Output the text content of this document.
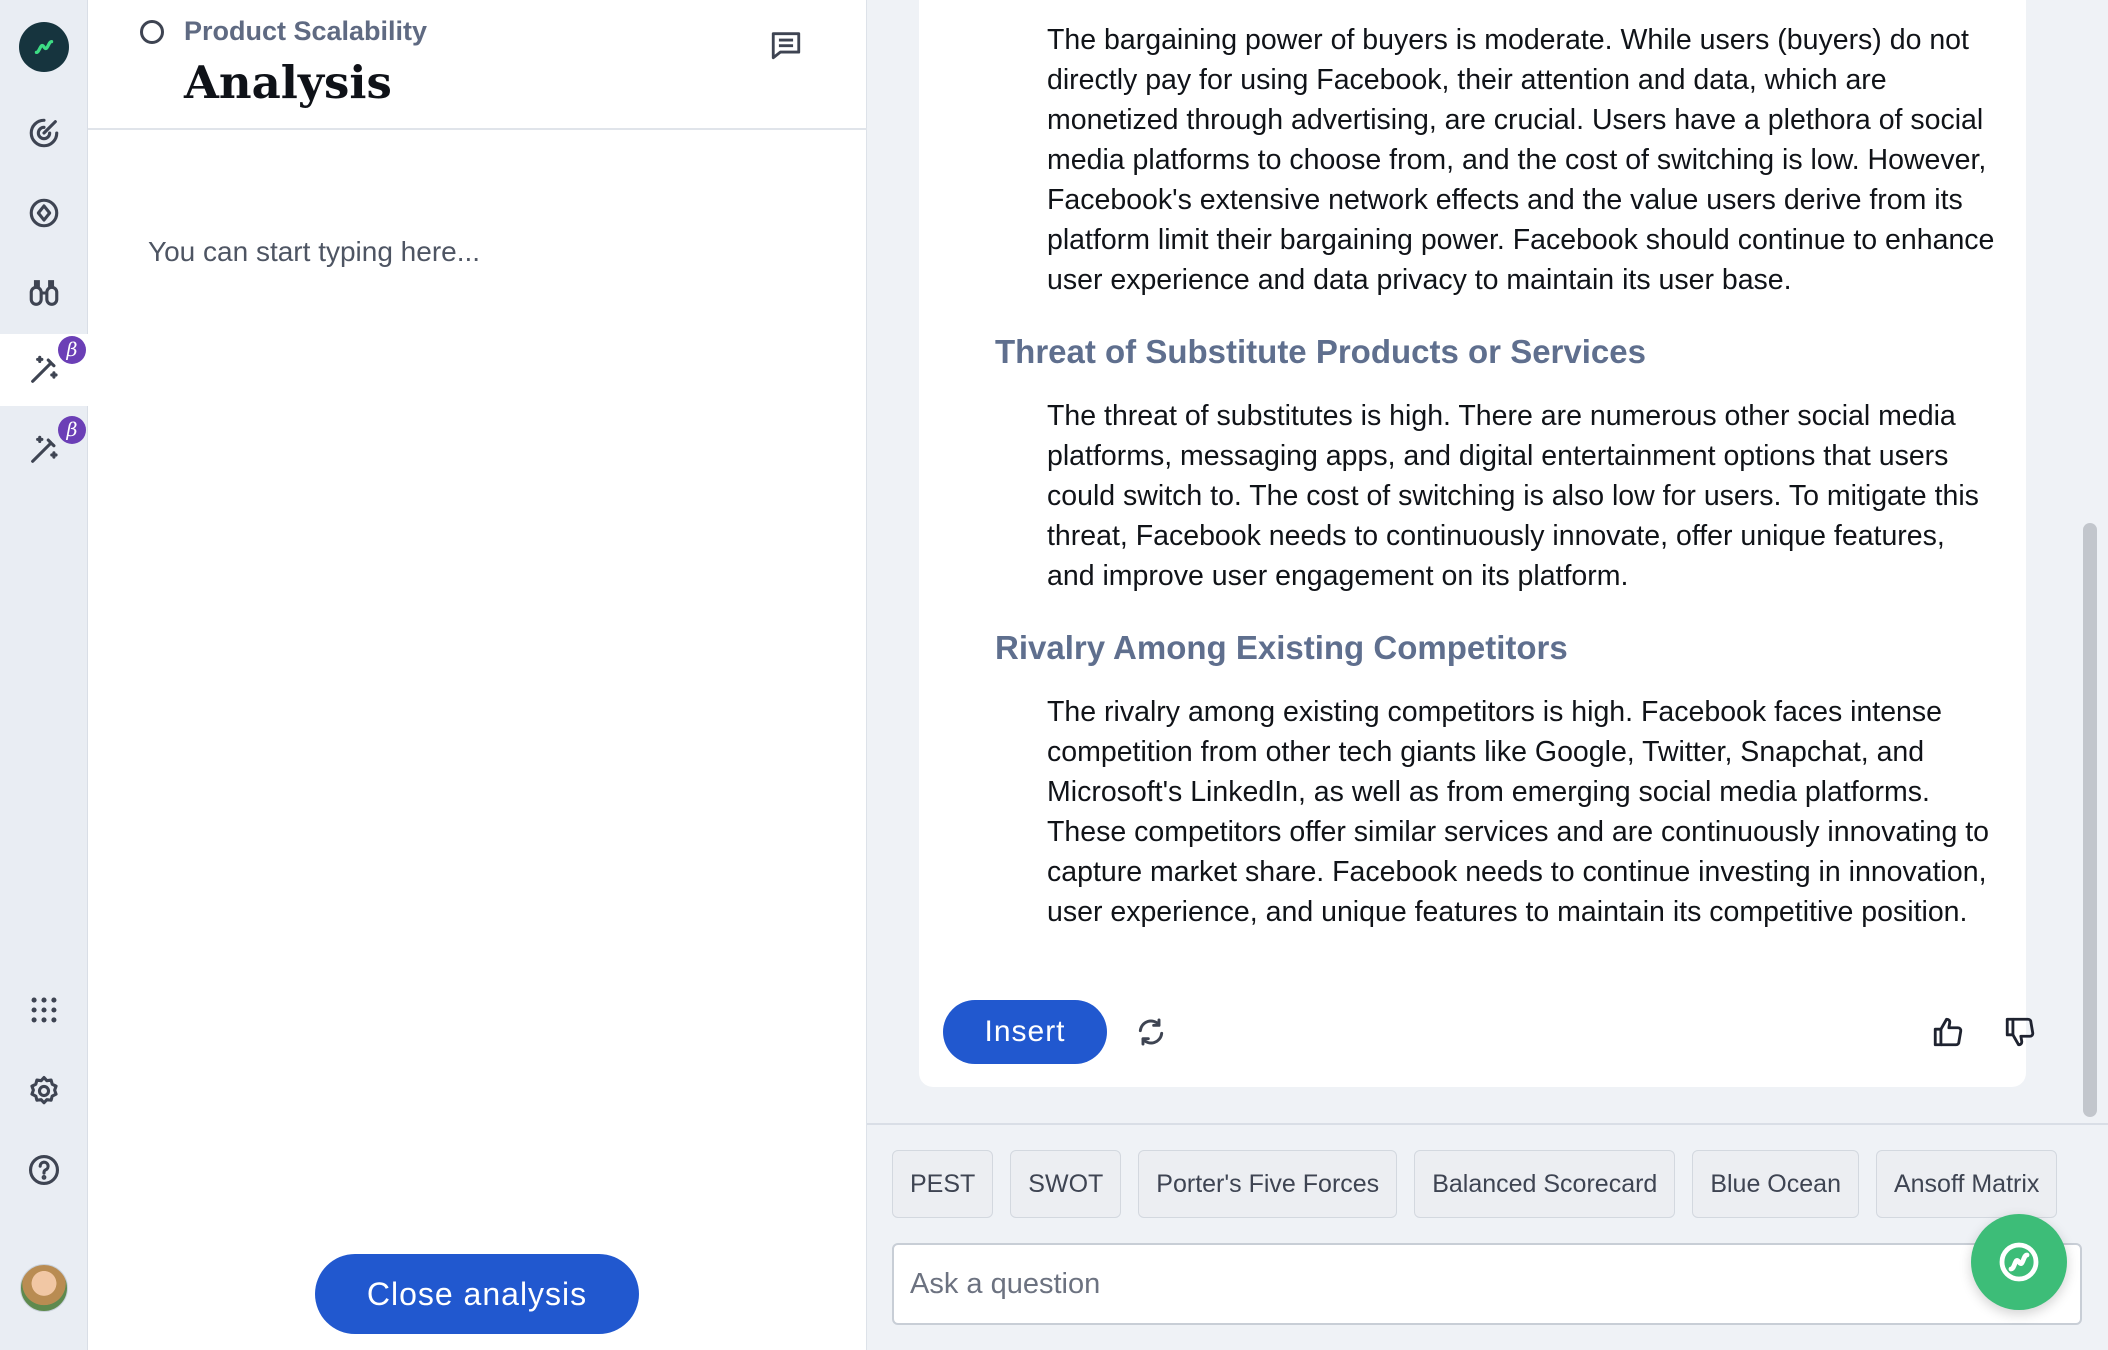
β
β
Product Scalability
Analysis
You can start typing here...
Close analysis

The bargaining power of buyers is moderate. While users (buyers) do not directly pay for using Facebook, their attention and data, which are monetized through advertising, are crucial. Users have a plethora of social media platforms to choose from, and the cost of switching is low. However, Facebook's extensive network effects and the value users derive from its platform limit their bargaining power. Facebook should continue to enhance user experience and data privacy to maintain its user base.

Threat of Substitute Products or Services

The threat of substitutes is high. There are numerous other social media platforms, messaging apps, and digital entertainment options that users could switch to. The cost of switching is also low for users. To mitigate this threat, Facebook needs to continuously innovate, offer unique features, and improve user engagement on its platform.

Rivalry Among Existing Competitors

The rivalry among existing competitors is high. Facebook faces intense competition from other tech giants like Google, Twitter, Snapchat, and Microsoft's LinkedIn, as well as from emerging social media platforms. These competitors offer similar services and are continuously innovating to capture market share. Facebook needs to continue investing in innovation, user experience, and unique features to maintain its competitive position.

Insert
PEST	SWOT	Porter's Five Forces	Balanced Scorecard	Blue Ocean	Ansoff Matrix
Ask a question
